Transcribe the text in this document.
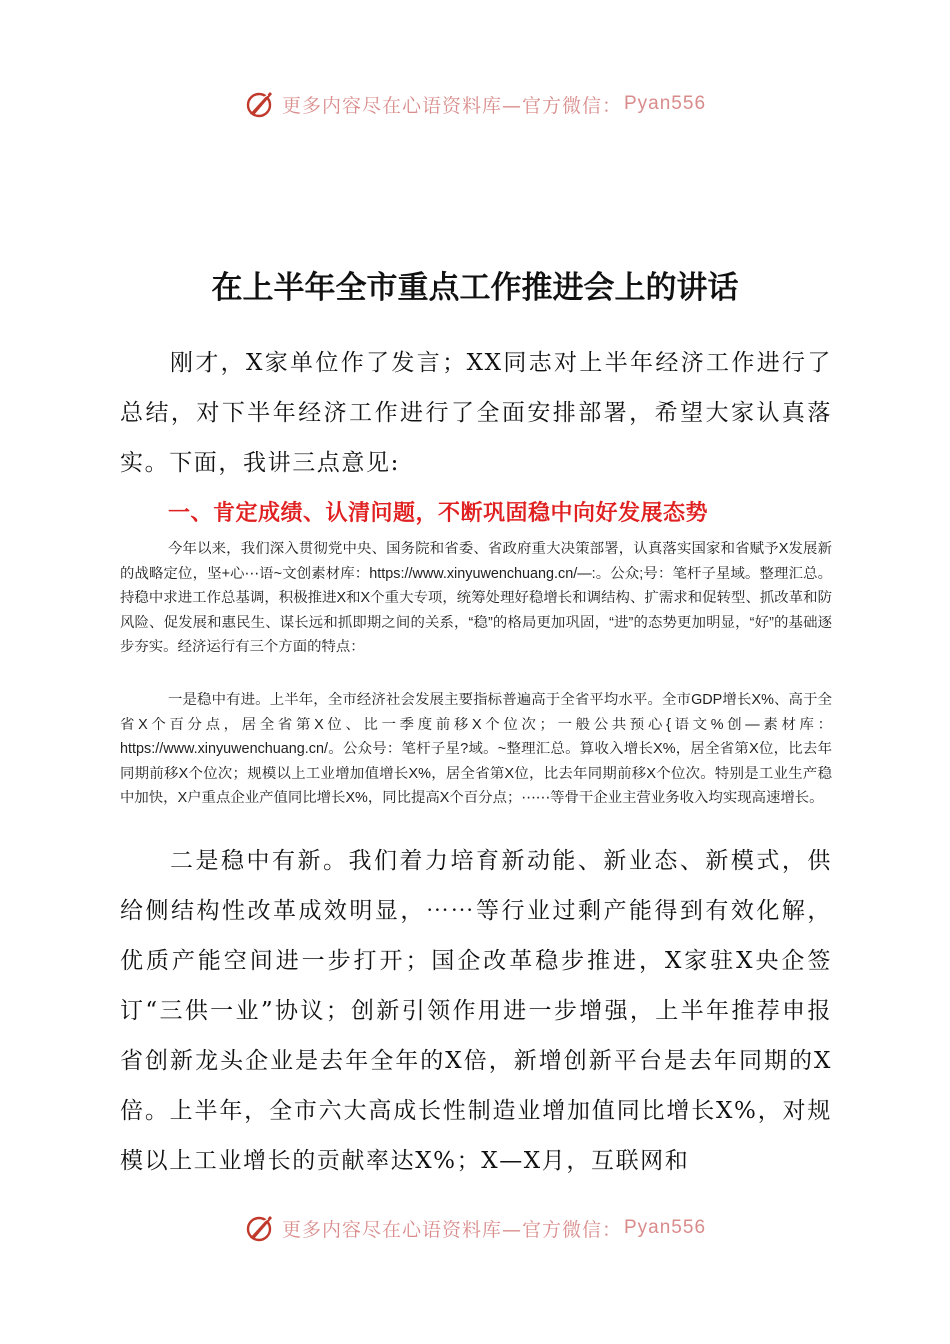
更多内容尽在心语资料库—官方微信： Pyan556
在上半年全市重点工作推进会上的讲话

刚才，X家单位作了发言；XX同志对上半年经济工作进行了总结，对下半年经济工作进行了全面安排部署，希望大家认真落实。下面，我讲三点意见:

一、肯定成绩、认清问题，不断巩固稳中向好发展态势

今年以来，我们深入贯彻党中央、国务院和省委、省政府重大决策部署，认真落实国家和省赋予X发展新的战略定位，坚+心⋯语~文创素材库：https://www.xinyuwenchuang.cn/—:。公众;号：笔杆子星域。整理汇总。持稳中求进工作总基调，积极推进X和X个重大专项，统筹处理好稳增长和调结构、扩需求和促转型、抓改革和防风险、促发展和惠民生、谋长远和抓即期之间的关系，“稳”的格局更加巩固，“进”的态势更加明显，“好”的基础逐步夯实。经济运行有三个方面的特点：

一是稳中有进。上半年，全市经济社会发展主要指标普遍高于全省平均水平。全市GDP增长X%、高于全省X个百分点，居全省第X位、比一季度前移X个位次；一般公共预心{语文%创—素材库：https://www.xinyuwenchuang.cn/。公众号：笔杆子星?域。~整理汇总。算收入增长X%，居全省第X位，比去年同期前移X个位次；规模以上工业增加值增长X%，居全省第X位，比去年同期前移X个位次。特别是工业生产稳中加快，X户重点企业产值同比增长X%，同比提高X个百分点；⋯⋯等骨干企业主营业务收入均实现高速增长。

二是稳中有新。我们着力培育新动能、新业态、新模式，供给侧结构性改革成效明显，⋯⋯等行业过剩产能得到有效化解，优质产能空间进一步打开；国企改革稳步推进，X家驻X央企签订“三供一业”协议；创新引领作用进一步增强，上半年推荐申报省创新龙头企业是去年全年的X倍，新增创新平台是去年同期的X倍。上半年，全市六大高成长性制造业增加值同比增长X%，对规模以上工业增长的贡献率达X%；X—X月，互联网和

更多内容尽在心语资料库—官方微信： Pyan556
